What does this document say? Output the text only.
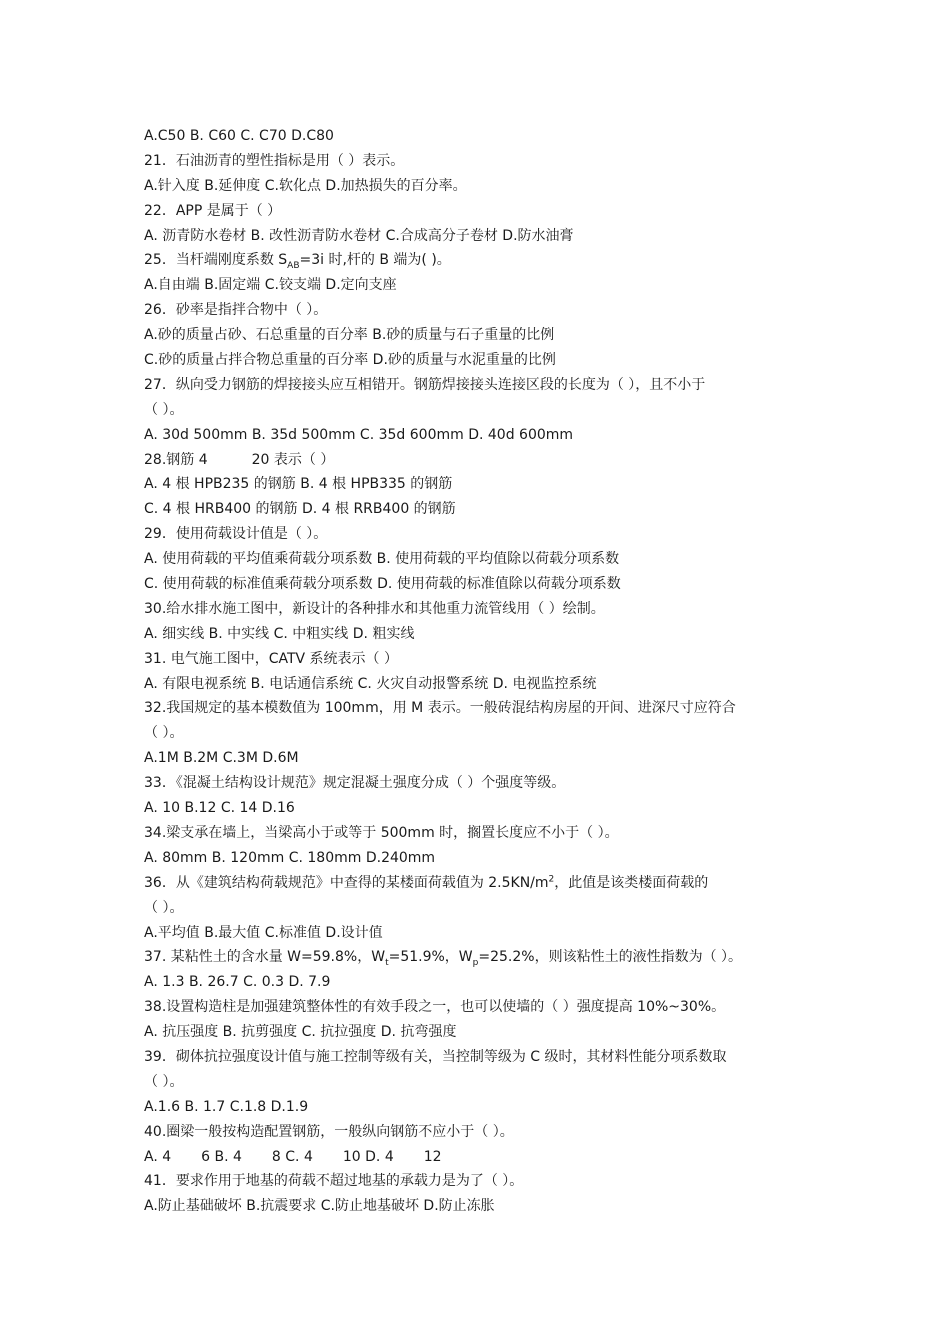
A.C50 B. C60 C. C70 D.C80
21．石油沥青的塑性指标是用（ ）表示。
A.针入度 B.延伸度 C.软化点 D.加热损失的百分率。
22．APP 是属于（ ）
A. 沥青防水卷材 B. 改性沥青防水卷材 C.合成高分子卷材 D.防水油膏
25．当杆端刚度系数 $S_{AB}=3i$ 时,杆的 B 端为( )。
A.自由端 B.固定端 C.铰支端 D.定向支座
26．砂率是指拌合物中（ ）。
A.砂的质量占砂、石总重量的百分率 B.砂的质量与石子重量的比例
C.砂的质量占拌合物总重量的百分率 D.砂的质量与水泥重量的比例
27．纵向受力钢筋的焊接接头应互相错开。钢筋焊接接头连接区段的长度为（ ），且不小于
（ ）。
A. 30d 500mm B. 35d 500mm C. 35d 600mm D. 40d 600mm
28.钢筋 4	20 表示（ ）
A. 4 根 HPB235 的钢筋 B. 4 根 HPB335 的钢筋
C. 4 根 HRB400 的钢筋 D. 4 根 RRB400 的钢筋
29．使用荷载设计值是（ ）。
A. 使用荷载的平均值乘荷载分项系数 B. 使用荷载的平均值除以荷载分项系数
C. 使用荷载的标准值乘荷载分项系数 D. 使用荷载的标准值除以荷载分项系数
30.给水排水施工图中，新设计的各种排水和其他重力流管线用（ ）绘制。
A. 细实线 B. 中实线 C. 中粗实线 D. 粗实线
31. 电气施工图中，CATV 系统表示（ ）
A. 有限电视系统 B. 电话通信系统 C. 火灾自动报警系统 D. 电视监控系统
32.我国规定的基本模数值为 100mm，用 M 表示。一般砖混结构房屋的开间、进深尺寸应符合
（ ）。
A.1M B.2M C.3M D.6M
33．《混凝土结构设计规范》规定混凝土强度分成（ ）个强度等级。
A. 10 B.12 C. 14 D.16
34.梁支承在墙上，当梁高小于或等于 500mm 时，搁置长度应不小于（ ）。
A. 80mm B. 120mm C. 180mm D.240mm
36．从《建筑结构荷载规范》中查得的某楼面荷载值为 $2.5KN/m^2$，此值是该类楼面荷载的
（ ）。
A.平均值 B.最大值 C.标准值 D.设计值
37. 某粘性土的含水量 W=59.8%，$W_t=51.9\%$，$W_p=25.2\%$，则该粘性土的液性指数为（ ）。
A. 1.3 B. 26.7 C. 0.3 D. 7.9
38.设置构造柱是加强建筑整体性的有效手段之一，也可以使墙的（ ）强度提高 10%~30%。
A. 抗压强度 B. 抗剪强度 C. 抗拉强度 D. 抗弯强度
39．砌体抗拉强度设计值与施工控制等级有关，当控制等级为 C 级时，其材料性能分项系数取
（ ）。
A.1.6 B. 1.7 C.1.8 D.1.9
40.圈梁一般按构造配置钢筋，一般纵向钢筋不应小于（ ）。
A. 4 6 B. 4 8 C. 4 10 D. 4 12
41．要求作用于地基的荷载不超过地基的承载力是为了（ ）。
A.防止基础破坏 B.抗震要求 C.防止地基破坏 D.防止冻胀
